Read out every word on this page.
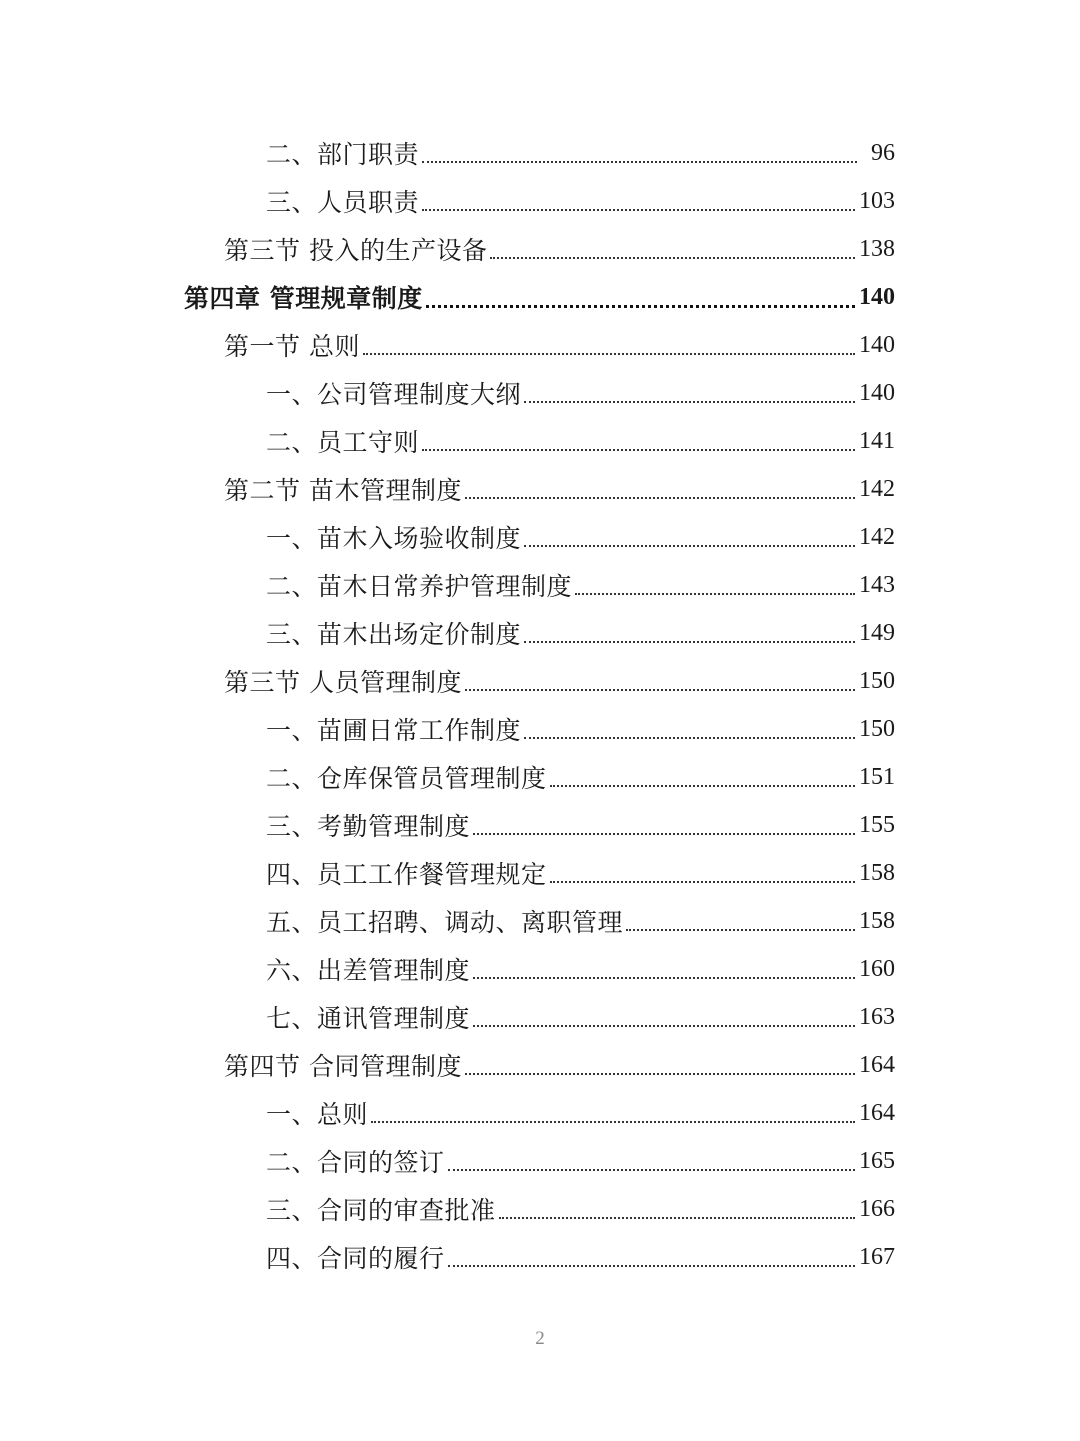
二、部门职责	96
三、人员职责	103
第三节 投入的生产设备	138
第四章 管理规章制度	140
第一节 总则	140
一、公司管理制度大纲	140
二、员工守则	141
第二节 苗木管理制度	142
一、苗木入场验收制度	142
二、苗木日常养护管理制度	143
三、苗木出场定价制度	149
第三节 人员管理制度	150
一、苗圃日常工作制度	150
二、仓库保管员管理制度	151
三、考勤管理制度	155
四、员工工作餐管理规定	158
五、员工招聘、调动、离职管理	158
六、出差管理制度	160
七、通讯管理制度	163
第四节 合同管理制度	164
一、总则	164
二、合同的签订	165
三、合同的审查批准	166
四、合同的履行	167
2
